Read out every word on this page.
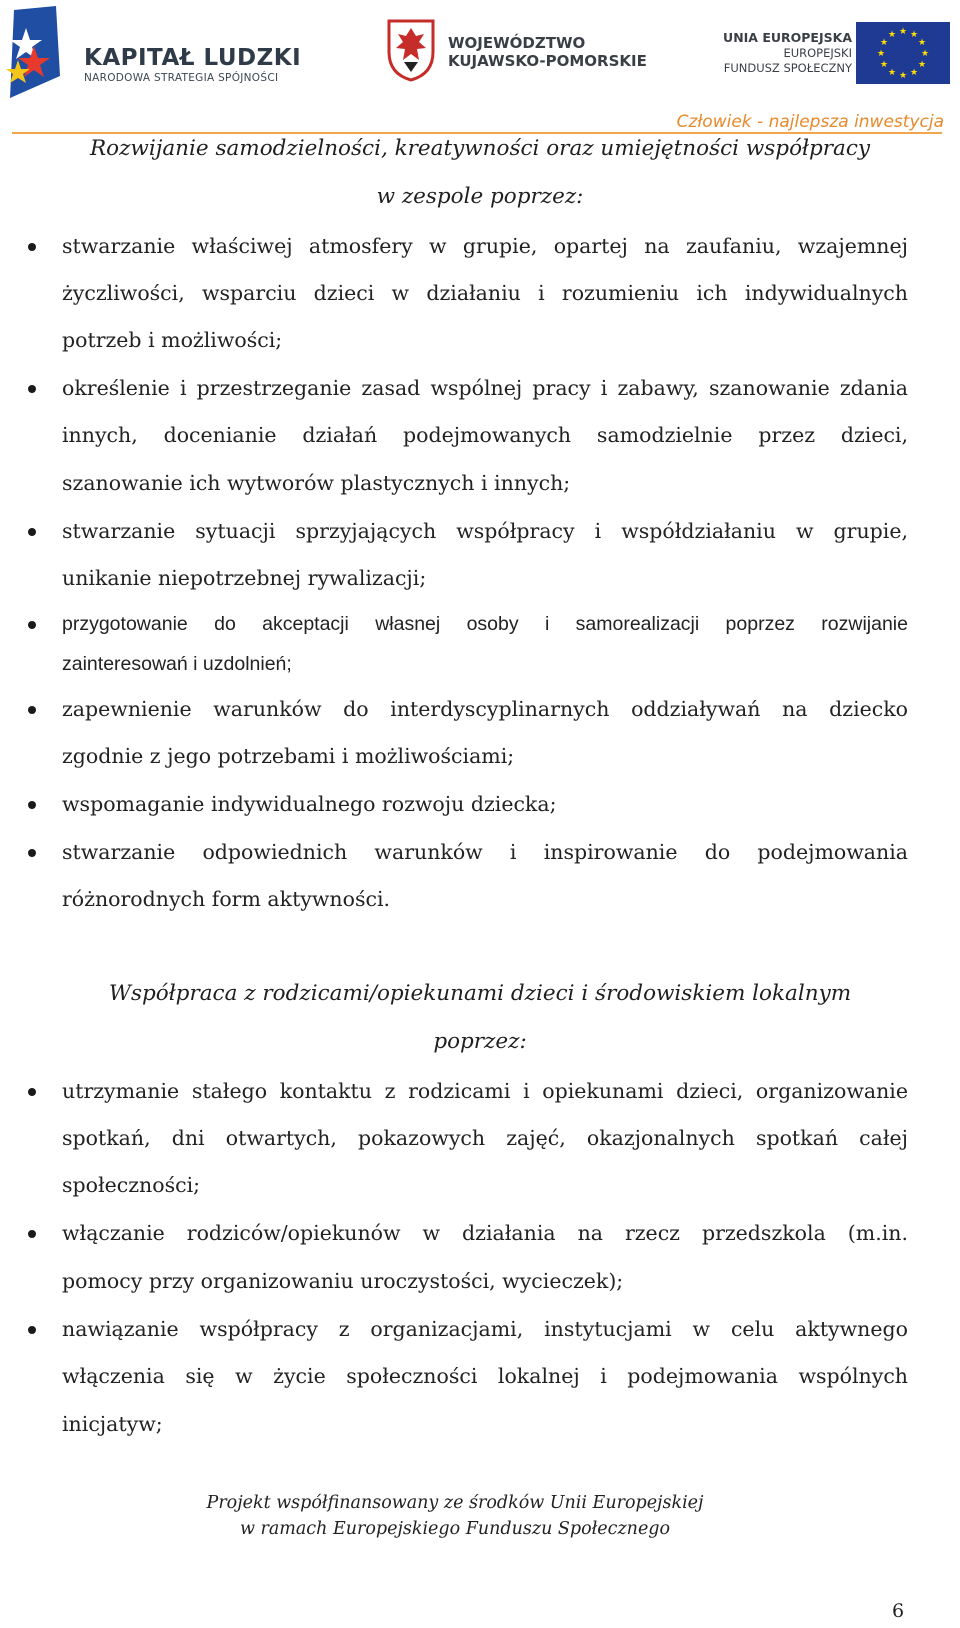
KAPITAŁ LUDZKI
NARODOWA STRATEGIA SPÓJNOŚCI
WOJEWÓDZTWO
KUJAWSKO-POMORSKIE
UNIA EUROPEJSKA
EUROPEJSKI
FUNDUSZ SPOŁECZNY
★ ★
★
★
★
★
★
★
★
★
★
★
Człowiek - najlepsza inwestycja
Rozwijanie samodzielności, kreatywności oraz umiejętności współpracy
w zespole poprzez:
stwarzanie właściwej atmosfery w grupie, opartej na zaufaniu, wzajemnej
życzliwości, wsparciu dzieci w działaniu i rozumieniu ich indywidualnych
potrzeb i możliwości;
określenie i przestrzeganie zasad wspólnej pracy i zabawy, szanowanie zdania
innych, docenianie działań podejmowanych samodzielnie przez dzieci,
szanowanie ich wytworów plastycznych i innych;
stwarzanie sytuacji sprzyjających współpracy i współdziałaniu w grupie,
unikanie niepotrzebnej rywalizacji;
przygotowanie do akceptacji własnej osoby i samorealizacji poprzez rozwijanie
zainteresowań i uzdolnień;
zapewnienie warunków do interdyscyplinarnych oddziaływań na dziecko
zgodnie z jego potrzebami i możliwościami;
wspomaganie indywidualnego rozwoju dziecka;
stwarzanie odpowiednich warunków i inspirowanie do podejmowania
różnorodnych form aktywności.
Współpraca z rodzicami/opiekunami dzieci i środowiskiem lokalnym
poprzez:
utrzymanie stałego kontaktu z rodzicami i opiekunami dzieci, organizowanie
spotkań, dni otwartych, pokazowych zajęć, okazjonalnych spotkań całej
społeczności;
włączanie rodziców/opiekunów w działania na rzecz przedszkola (m.in.
pomocy przy organizowaniu uroczystości, wycieczek);
nawiązanie współpracy z organizacjami, instytucjami w celu aktywnego
włączenia się w życie społeczności lokalnej i podejmowania wspólnych
inicjatyw;
Projekt współfinansowany ze środków Unii Europejskiej
w ramach Europejskiego Funduszu Społecznego
6
